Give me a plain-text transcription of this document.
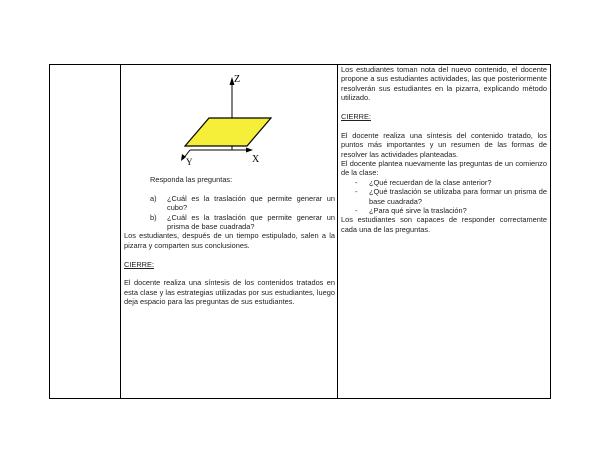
Z
X
Y
Responda las preguntas:
a)	¿Cuál es la traslación que permite generar un cubo?
b)	¿Cuál es la traslación que permite generar un prisma de base cuadrada?
Los estudiantes, después de un tiempo estipulado, salen a la pizarra y comparten sus conclusiones.
CIERRE:
El docente realiza una síntesis de los contenidos tratados en esta clase y las estrategias utilizadas por sus estudiantes, luego deja espacio para las preguntas de sus estudiantes.
Los estudiantes toman nota del nuevo contenido, el docente propone a sus estudiantes actividades, las que posteriormente resolverán sus estudiantes en la pizarra, explicando método utilizado.
CIERRE:
El docente realiza una síntesis del contenido tratado, los puntos más importantes y un resumen de las formas de resolver las actividades planteadas.
El docente plantea nuevamente las preguntas de un comienzo de la clase:
-	¿Qué recuerdan de la clase anterior?
-	¿Qué traslación se utilizaba para formar un prisma de base cuadrada?
-	¿Para qué sirve la traslación?
Los estudiantes son capaces de responder correctamente cada una de las preguntas.
